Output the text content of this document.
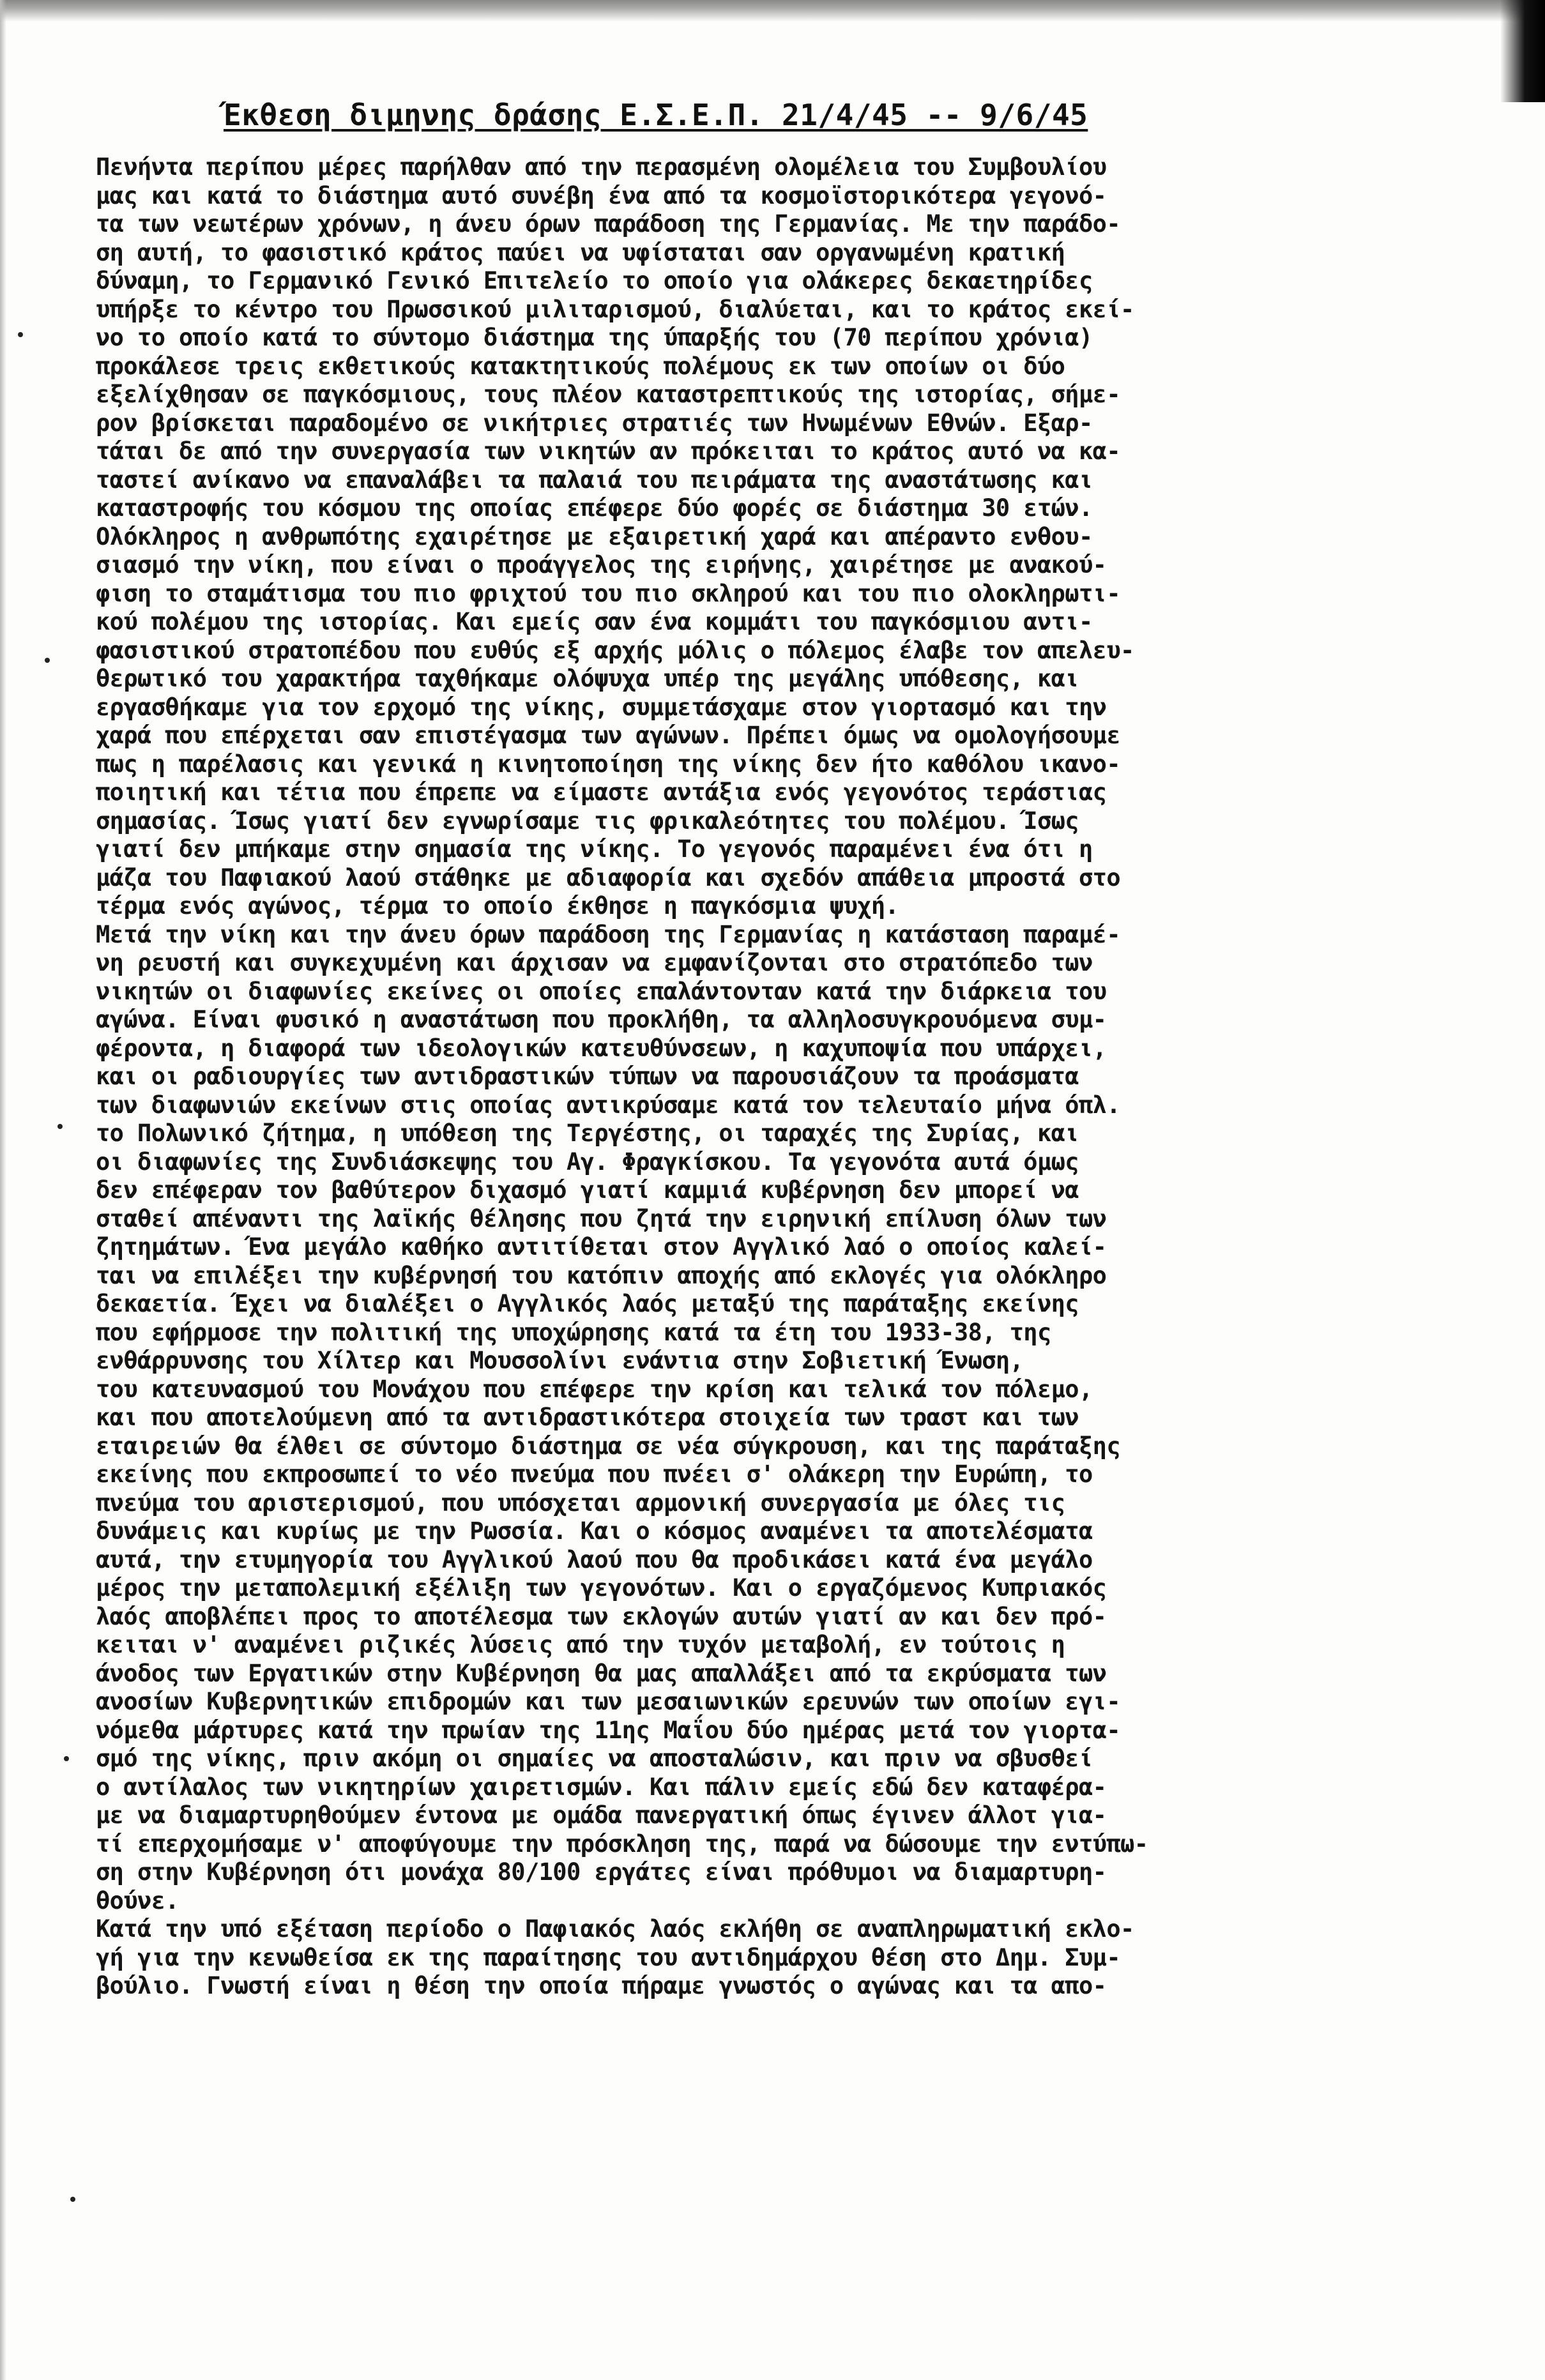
Έκθεση διμηνης δράσης Ε.Σ.Ε.Π. 21/4/45 -- 9/6/45
Πενήντα περίπου μέρες παρήλθαν από την περασμένη ολομέλεια του Συμβουλίου
μας και κατά το διάστημα αυτό συνέβη ένα από τα κοσμοϊστορικότερα γεγονό-
τα των νεωτέρων χρόνων, η άνευ όρων παράδοση της Γερμανίας. Με την παράδο-
ση αυτή, το φασιστικό κράτος παύει να υφίσταται σαν οργανωμένη κρατική
δύναμη, το Γερμανικό Γενικό Επιτελείο το οποίο για ολάκερες δεκαετηρίδες
υπήρξε το κέντρο του Πρωσσικού μιλιταρισμού, διαλύεται, και το κράτος εκεί-
νο το οποίο κατά το σύντομο διάστημα της ύπαρξής του (70 περίπου χρόνια)
προκάλεσε τρεις εκθετικούς κατακτητικούς πολέμους εκ των οποίων οι δύο
εξελίχθησαν σε παγκόσμιους, τους πλέον καταστρεπτικούς της ιστορίας, σήμε-
ρον βρίσκεται παραδομένο σε νικήτριες στρατιές των Ηνωμένων Εθνών. Εξαρ-
τάται δε από την συνεργασία των νικητών αν πρόκειται το κράτος αυτό να κα-
ταστεί ανίκανο να επαναλάβει τα παλαιά του πειράματα της αναστάτωσης και
καταστροφής του κόσμου της οποίας επέφερε δύο φορές σε διάστημα 30 ετών.
Ολόκληρος η ανθρωπότης εχαιρέτησε με εξαιρετική χαρά και απέραντο ενθου-
σιασμό την νίκη, που είναι ο προάγγελος της ειρήνης, χαιρέτησε με ανακού-
φιση το σταμάτισμα του πιο φριχτού του πιο σκληρού και του πιο ολοκληρωτι-
κού πολέμου της ιστορίας. Και εμείς σαν ένα κομμάτι του παγκόσμιου αντι-
φασιστικού στρατοπέδου που ευθύς εξ αρχής μόλις ο πόλεμος έλαβε τον απελευ-
θερωτικό του χαρακτήρα ταχθήκαμε ολόψυχα υπέρ της μεγάλης υπόθεσης, και
εργασθήκαμε για τον ερχομό της νίκης, συμμετάσχαμε στον γιορτασμό και την
χαρά που επέρχεται σαν επιστέγασμα των αγώνων. Πρέπει όμως να ομολογήσουμε
πως η παρέλασις και γενικά η κινητοποίηση της νίκης δεν ήτο καθόλου ικανο-
ποιητική και τέτια που έπρεπε να είμαστε αντάξια ενός γεγονότος τεράστιας
σημασίας. Ίσως γιατί δεν εγνωρίσαμε τις φρικαλεότητες του πολέμου. Ίσως
γιατί δεν μπήκαμε στην σημασία της νίκης. Το γεγονός παραμένει ένα ότι η
μάζα του Παφιακού λαού στάθηκε με αδιαφορία και σχεδόν απάθεια μπροστά στο
τέρμα ενός αγώνος, τέρμα το οποίο έκθησε η παγκόσμια ψυχή.
Μετά την νίκη και την άνευ όρων παράδοση της Γερμανίας η κατάσταση παραμέ-
νη ρευστή και συγκεχυμένη και άρχισαν να εμφανίζονται στο στρατόπεδο των
νικητών οι διαφωνίες εκείνες οι οποίες επαλάντονταν κατά την διάρκεια του
αγώνα. Είναι φυσικό η αναστάτωση που προκλήθη, τα αλληλοσυγκρουόμενα συμ-
φέροντα, η διαφορά των ιδεολογικών κατευθύνσεων, η καχυποψία που υπάρχει,
και οι ραδιουργίες των αντιδραστικών τύπων να παρουσιάζουν τα προάσματα
των διαφωνιών εκείνων στις οποίας αντικρύσαμε κατά τον τελευταίο μήνα όπλ.
το Πολωνικό ζήτημα, η υπόθεση της Τεργέστης, οι ταραχές της Συρίας, και
οι διαφωνίες της Συνδιάσκεψης του Αγ. Φραγκίσκου. Τα γεγονότα αυτά όμως
δεν επέφεραν τον βαθύτερον διχασμό γιατί καμμιά κυβέρνηση δεν μπορεί να
σταθεί απέναντι της λαϊκής θέλησης που ζητά την ειρηνική επίλυση όλων των
ζητημάτων. Ένα μεγάλο καθήκο αντιτίθεται στον Αγγλικό λαό ο οποίος καλεί-
ται να επιλέξει την κυβέρνησή του κατόπιν αποχής από εκλογές για ολόκληρο
δεκαετία. Έχει να διαλέξει ο Αγγλικός λαός μεταξύ της παράταξης εκείνης
που εφήρμοσε την πολιτική της υποχώρησης κατά τα έτη του 1933-38, της
ενθάρρυνσης του Χίλτερ και Μουσσολίνι ενάντια στην Σοβιετική Ένωση,
του κατευνασμού του Μονάχου που επέφερε την κρίση και τελικά τον πόλεμο,
και που αποτελούμενη από τα αντιδραστικότερα στοιχεία των τραστ και των
εταιρειών θα έλθει σε σύντομο διάστημα σε νέα σύγκρουση, και της παράταξης
εκείνης που εκπροσωπεί το νέο πνεύμα που πνέει σ' ολάκερη την Ευρώπη, το
πνεύμα του αριστερισμού, που υπόσχεται αρμονική συνεργασία με όλες τις
δυνάμεις και κυρίως με την Ρωσσία. Και ο κόσμος αναμένει τα αποτελέσματα
αυτά, την ετυμηγορία του Αγγλικού λαού που θα προδικάσει κατά ένα μεγάλο
μέρος την μεταπολεμική εξέλιξη των γεγονότων. Και ο εργαζόμενος Κυπριακός
λαός αποβλέπει προς το αποτέλεσμα των εκλογών αυτών γιατί αν και δεν πρό-
κειται ν' αναμένει ριζικές λύσεις από την τυχόν μεταβολή, εν τούτοις η
άνοδος των Εργατικών στην Κυβέρνηση θα μας απαλλάξει από τα εκρύσματα των
ανοσίων Κυβερνητικών επιδρομών και των μεσαιωνικών ερευνών των οποίων εγι-
νόμεθα μάρτυρες κατά την πρωίαν της 11ης Μαΐου δύο ημέρας μετά τον γιορτα-
σμό της νίκης, πριν ακόμη οι σημαίες να αποσταλώσιν, και πριν να σβυσθεί
ο αντίλαλος των νικητηρίων χαιρετισμών. Και πάλιν εμείς εδώ δεν καταφέρα-
με να διαμαρτυρηθούμεν έντονα με ομάδα πανεργατική όπως έγινεν άλλοτ για-
τί επερχομήσαμε ν' αποφύγουμε την πρόσκληση της, παρά να δώσουμε την εντύπω-
ση στην Κυβέρνηση ότι μονάχα 80/100 εργάτες είναι πρόθυμοι να διαμαρτυρη-
θούνε.
Κατά την υπό εξέταση περίοδο ο Παφιακός λαός εκλήθη σε αναπληρωματική εκλο-
γή για την κενωθείσα εκ της παραίτησης του αντιδημάρχου θέση στο Δημ. Συμ-
βούλιο. Γνωστή είναι η θέση την οποία πήραμε γνωστός ο αγώνας και τα απο-
